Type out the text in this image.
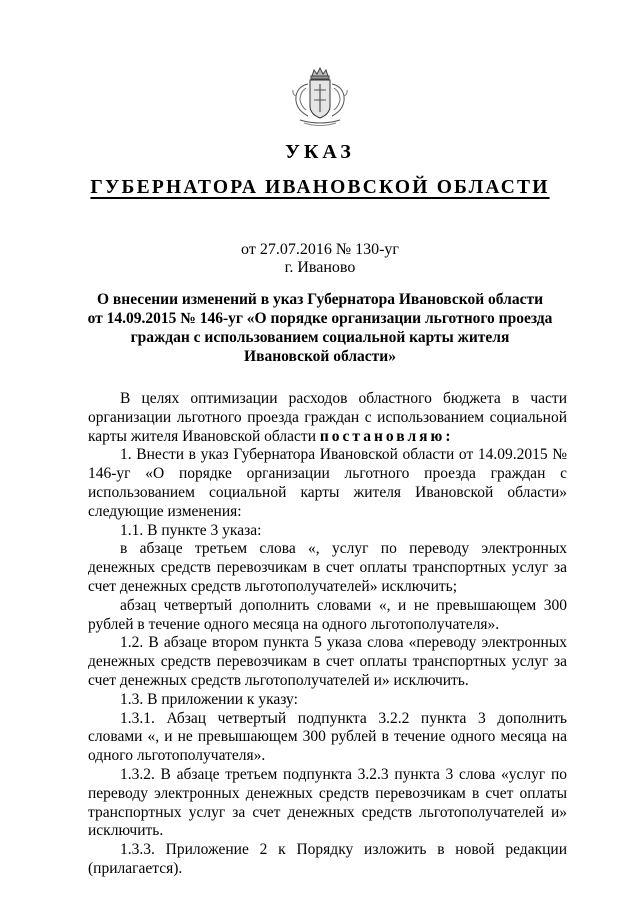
УКАЗ
ГУБЕРНАТОРА ИВАНОВСКОЙ ОБЛАСТИ
от 27.07.2016 № 130-уг
г. Иваново
О внесении изменений в указ Губернатора Ивановской области
от 14.09.2015 № 146-уг «О порядке организации льготного проезда
граждан с использованием социальной карты жителя
Ивановской области»

В целях оптимизации расходов областного бюджета в части организации льготного проезда граждан с использованием социальной карты жителя Ивановской области постановляю:

1. Внести в указ Губернатора Ивановской области от 14.09.2015 № 146-уг «О порядке организации льготного проезда граждан с использованием социальной карты жителя Ивановской области» следующие изменения:

1.1. В пункте 3 указа:

в абзаце третьем слова «, услуг по переводу электронных денежных средств перевозчикам в счет оплаты транспортных услуг за счет денежных средств льготополучателей» исключить;

абзац четвертый дополнить словами «, и не превышающем 300 рублей в течение одного месяца на одного льготополучателя».

1.2. В абзаце втором пункта 5 указа слова «переводу электронных денежных средств перевозчикам в счет оплаты транспортных услуг за счет денежных средств льготополучателей и» исключить.

1.3. В приложении к указу:

1.3.1. Абзац четвертый подпункта 3.2.2 пункта 3 дополнить словами «, и не превышающем 300 рублей в течение одного месяца на одного льготополучателя».

1.3.2. В абзаце третьем подпункта 3.2.3 пункта 3 слова «услуг по переводу электронных денежных средств перевозчикам в счет оплаты транспортных услуг за счет денежных средств льготополучателей и» исключить.

1.3.3. Приложение 2 к Порядку изложить в новой редакции (прилагается).
